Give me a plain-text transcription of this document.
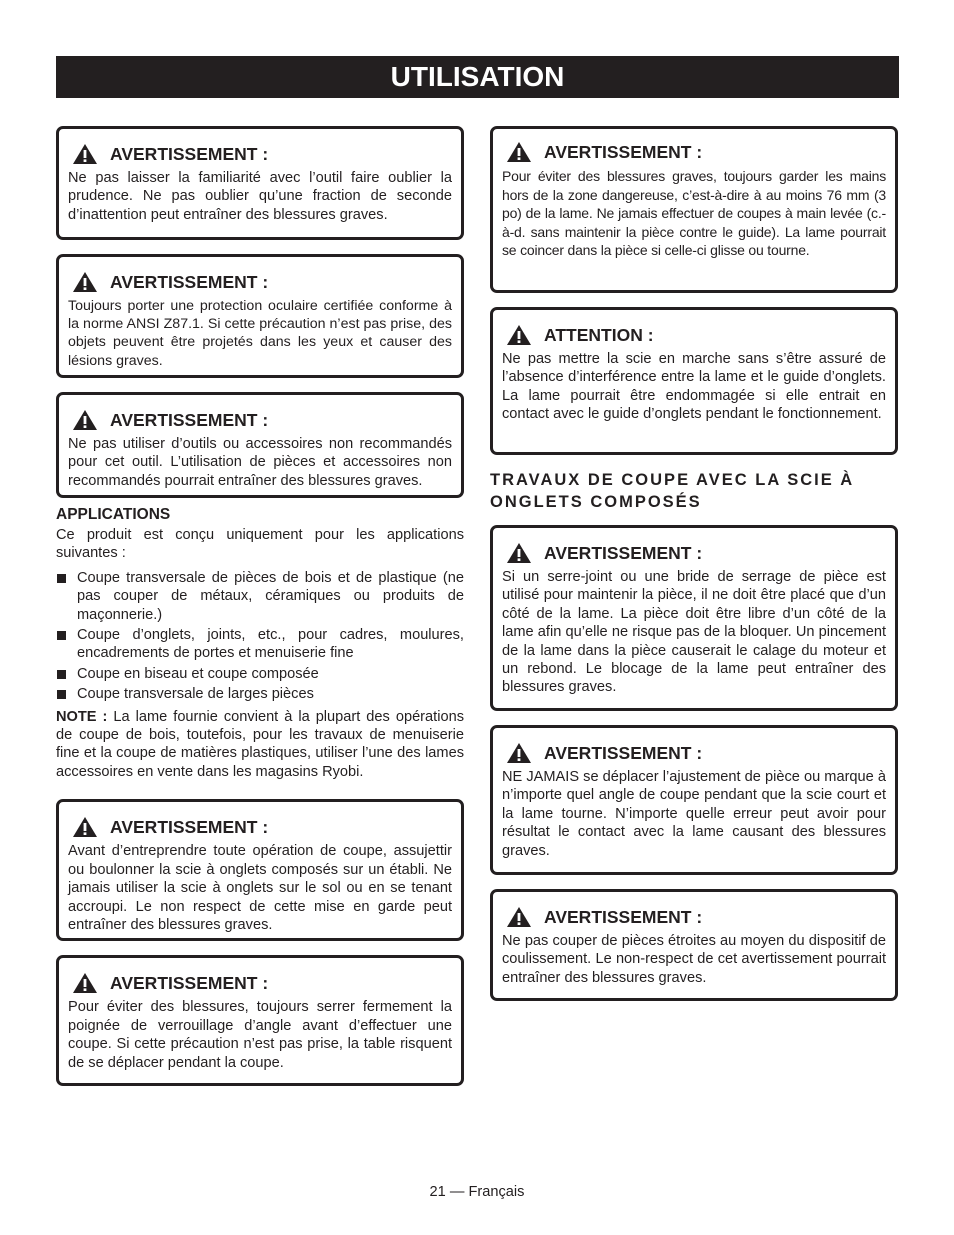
UTILISATION
AVERTISSEMENT :

Ne pas laisser la familiarité avec l’outil faire oublier la prudence. Ne pas oublier qu’une fraction de seconde d’inattention peut entraîner des blessures graves.

AVERTISSEMENT :

Toujours porter une protection oculaire certifiée conforme à la norme ANSI Z87.1. Si cette précaution n’est pas prise, des objets peuvent être projetés dans les yeux et causer des lésions graves.

AVERTISSEMENT :

Ne pas utiliser d’outils ou accessoires non recommandés pour cet outil. L’utilisation de pièces et accessoires non recommandés pourrait entraîner des blessures graves.

APPLICATIONS

Ce produit est conçu uniquement pour les applications suivantes :

Coupe transversale de pièces de bois et de plastique (ne pas couper de métaux, céramiques ou produits de maçonnerie.)
Coupe d’onglets, joints, etc., pour cadres, moulures, encadrements de portes et menuiserie fine
Coupe en biseau et coupe composée
Coupe transversale de larges pièces

NOTE : La lame fournie convient à la plupart des opérations de coupe de bois, toutefois, pour les travaux de menuiserie fine et la coupe de matières plastiques, utiliser l’une des lames accessoires en vente dans les magasins Ryobi.

AVERTISSEMENT :

Avant d’entreprendre toute opération de coupe, assujettir ou boulonner la scie à onglets composés sur un établi. Ne jamais utiliser la scie à onglets sur le sol ou en se tenant accroupi. Le non respect de cette mise en garde peut entraîner des blessures graves.

AVERTISSEMENT :

Pour éviter des blessures, toujours serrer fermement la poignée de verrouillage d’angle avant d’effectuer une coupe. Si cette précaution n’est pas prise, la table risquent de se déplacer pendant la coupe.

AVERTISSEMENT :

Pour éviter des blessures graves, toujours garder les mains hors de la zone dangereuse, c’est-à-dire à au moins 76 mm (3 po) de la lame. Ne jamais effectuer de coupes à main levée (c.-à-d. sans maintenir la pièce contre le guide). La lame pourrait se coincer dans la pièce si celle-ci glisse ou tourne.

ATTENTION :

Ne pas mettre la scie en marche sans s’être assuré de l’absence d’interférence entre la lame et le guide d’onglets. La lame pourrait être endommagée si elle entrait en contact avec le guide d’onglets pendant le fonctionnement.

TRAVAUX DE COUPE AVEC LA SCIE À ONGLETS COMPOSÉS
AVERTISSEMENT :

Si un serre-joint ou une bride de serrage de pièce est utilisé pour maintenir la pièce, il ne doit être placé que d’un côté de la lame. La pièce doit être libre d’un côté de la lame afin qu’elle ne risque pas de la bloquer. Un pincement de la lame dans la pièce causerait le calage du moteur et un rebond. Le blocage de la lame peut entraîner des blessures graves.

AVERTISSEMENT :

NE JAMAIS se déplacer l’ajustement de pièce ou marque à n’importe quel angle de coupe pendant que la scie court et la lame tourne. N’importe quelle erreur peut avoir pour résultat le contact avec la lame causant des blessures graves.

AVERTISSEMENT :

Ne pas couper de pièces étroites au moyen du dispositif de coulissement. Le non-respect de cet avertissement pourrait entraîner des blessures graves.

21 — Français
